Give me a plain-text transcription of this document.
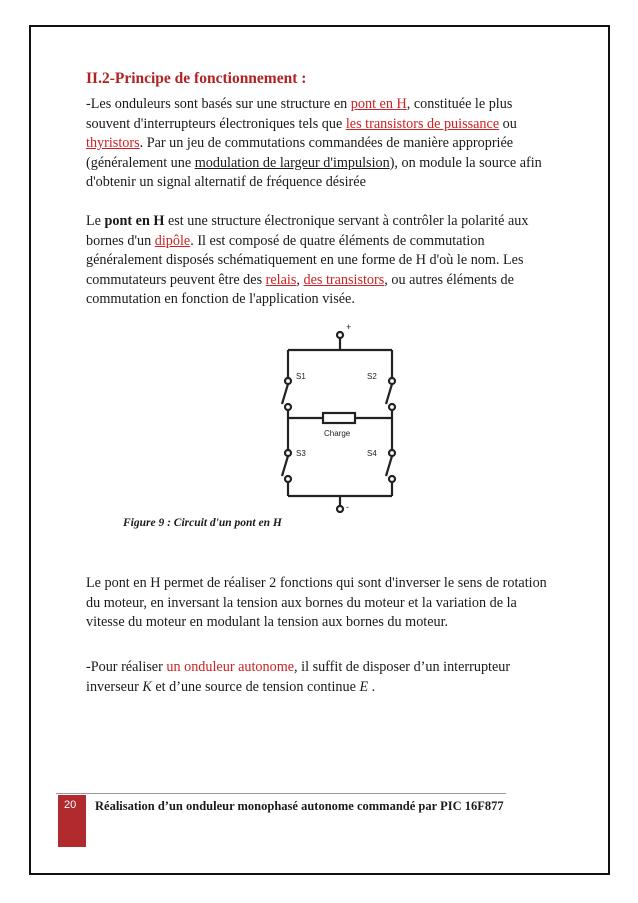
II.2-Principe de fonctionnement :

-Les onduleurs sont basés sur une structure en pont en H, constituée le plus souvent d'interrupteurs électroniques tels que les transistors de puissance ou thyristors. Par un jeu de commutations commandées de manière appropriée (généralement une modulation de largeur d'impulsion), on module la source afin d'obtenir un signal alternatif de fréquence désirée

Le pont en H est une structure électronique servant à contrôler la polarité aux bornes d'un dipôle. Il est composé de quatre éléments de commutation généralement disposés schématiquement en une forme de H d'où le nom. Les commutateurs peuvent être des relais, des transistors, ou autres éléments de commutation en fonction de l'application visée.

Le pont en H permet de réaliser 2 fonctions qui sont d'inverser le sens de rotation du moteur, en inversant la tension aux bornes du moteur et la variation de la vitesse du moteur en modulant la tension aux bornes du moteur.

-Pour réaliser un onduleur autonome, il suffit de disposer d’un interrupteur inverseur K et d’une source de tension continue E .

+
S1	S2
Charge
S3	S4
-
Figure 9 : Circuit d'un pont en H
20 Réalisation d’un onduleur monophasé autonome commandé par PIC 16F877
